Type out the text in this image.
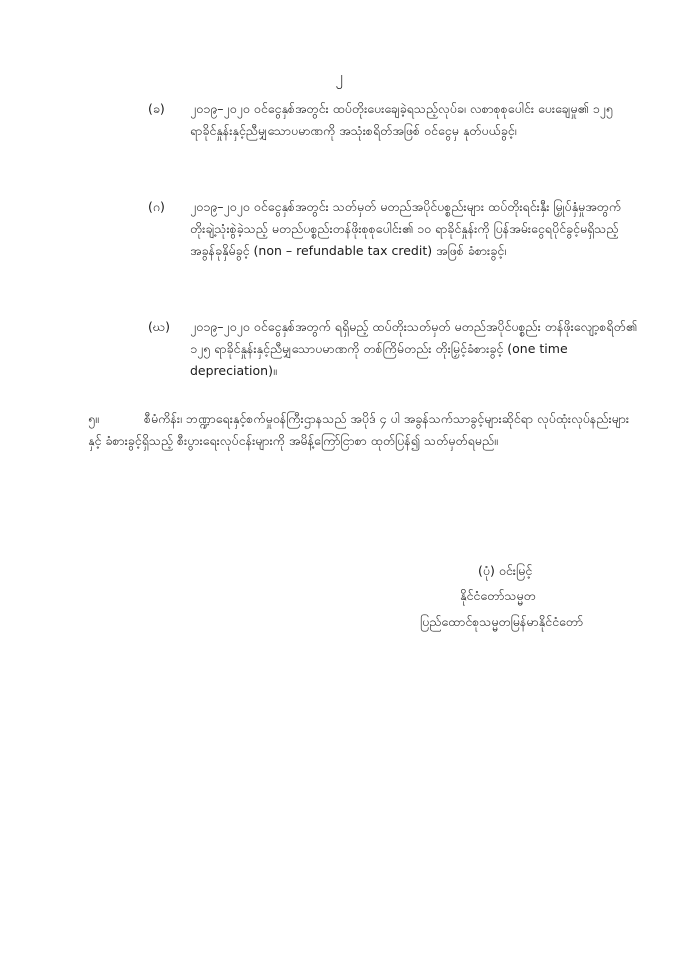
၂
(ခ)	၂၀၁၉–၂၀၂၀ ဝင်ငွေနှစ်အတွင်း ထပ်တိုးပေးချေခဲ့ရသည့်လုပ်ခ၊ လစာစုစုပေါင်း ပေးချေမှု၏ ၁၂၅ ရာခိုင်နှုန်းနှင့်ညီမျှသောပမာဏကို အသုံးစရိတ်အဖြစ် ဝင်ငွေမှ နုတ်ပယ်ခွင့်၊
(ဂ)	၂၀၁၉–၂၀၂၀ ဝင်ငွေနှစ်အတွင်း သတ်မှတ် မတည်အပိုင်ပစ္စည်းများ ထပ်တိုးရင်းနှီး မြှုပ်နှံမှုအတွက် တိုးချဲ့သုံးစွဲခဲ့သည့် မတည်ပစ္စည်းတန်ဖိုးစုစုပေါင်း၏ ၁၀ ရာခိုင်နှုန်းကို ပြန်အမ်းငွေရပိုင်ခွင့်မရှိသည့် အခွန်ခုနှိမ်ခွင့် (non – refundable tax credit) အဖြစ် ခံစားခွင့်၊
(ဃ)	၂၀၁၉–၂၀၂၀ ဝင်ငွေနှစ်အတွက် ရရှိမည့် ထပ်တိုးသတ်မှတ် မတည်အပိုင်ပစ္စည်း တန်ဖိုးလျော့စရိတ်၏ ၁၂၅ ရာခိုင်နှုန်းနှင့်ညီမျှသောပမာဏကို တစ်ကြိမ်တည်း တိုးမြှင့်ခံစားခွင့် (one time depreciation)။
၅။	စီမံကိန်း၊ ဘဏ္ဍာရေးနှင့်စက်မှုဝန်ကြီးဌာနသည် အပိုဒ် ၄ ပါ အခွန်သက်သာခွင့်များဆိုင်ရာ လုပ်ထုံးလုပ်နည်းများနှင့် ခံစားခွင့်ရှိသည့် စီးပွားရေးလုပ်ငန်းများကို အမိန့်ကြော်ငြာစာ ထုတ်ပြန်၍ သတ်မှတ်ရမည်။
(ပုံ) ဝင်းမြင့်
နိုင်ငံတော်သမ္မတ
ပြည်ထောင်စုသမ္မတမြန်မာနိုင်ငံတော်
